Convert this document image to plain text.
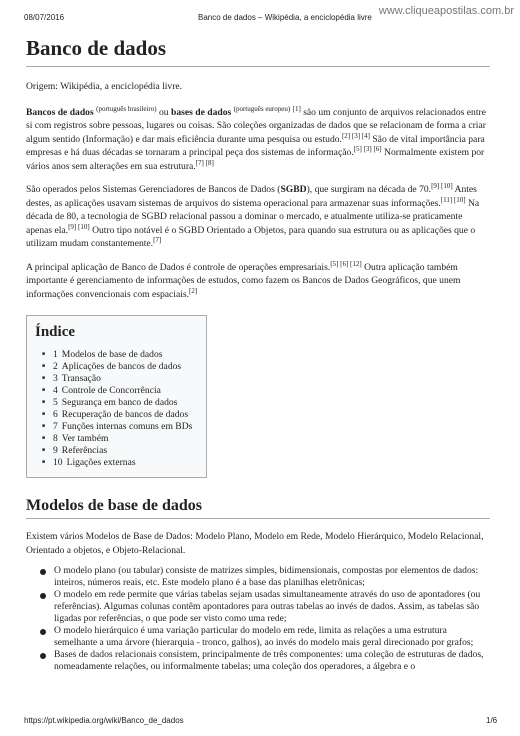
08/07/2016	Banco de dados – Wikipédia, a enciclopédia livre
www.cliqueapostilas.com.br
Banco de dados

Origem: Wikipédia, a enciclopédia livre.

Bancos de dados $^{(português brasileiro)}$ ou bases de dados $^{(português europeu)}$ [1] são um conjunto de arquivos relacionados entre si com registros sobre pessoas, lugares ou coisas. São coleções organizadas de dados que se relacionam de forma a criar algum sentido (Informação) e dar mais eficiência durante uma pesquisa ou estudo.[2] [3] [4] São de vital importância para empresas e há duas décadas se tornaram a principal peça dos sistemas de informação.[5] [3] [6] Normalmente existem por vários anos sem alterações em sua estrutura.[7] [8]

São operados pelos Sistemas Gerenciadores de Bancos de Dados (SGBD), que surgiram na década de 70.[9] [10] Antes destes, as aplicações usavam sistemas de arquivos do sistema operacional para armazenar suas informações.[11] [10] Na década de 80, a tecnologia de SGBD relacional passou a dominar o mercado, e atualmente utiliza-se praticamente apenas ela.[9] [10] Outro tipo notável é o SGBD Orientado a Objetos, para quando sua estrutura ou as aplicações que o utilizam mudam constantemente.[7]

A principal aplicação de Banco de Dados é controle de operações empresariais.[5] [6] [12] Outra aplicação também importante é gerenciamento de informações de estudos, como fazem os Bancos de Dados Geográficos, que unem informações convencionais com espaciais.[2]

Índice
■ 1 Modelos de base de dados
■ 2 Aplicações de bancos de dados
■ 3 Transação
■ 4 Controle de Concorrência
■ 5 Segurança em banco de dados
■ 6 Recuperação de bancos de dados
■ 7 Funções internas comuns em BDs
■ 8 Ver também
■ 9 Referências
■ 10 Ligações externas
Modelos de base de dados

Existem vários Modelos de Base de Dados: Modelo Plano, Modelo em Rede, Modelo Hierárquico, Modelo Relacional, Orientado a objetos, e Objeto-Relacional.

O modelo plano (ou tabular) consiste de matrizes simples, bidimensionais, compostas por elementos de dados: inteiros, números reais, etc. Este modelo plano é a base das planilhas eletrônicas;
O modelo em rede permite que várias tabelas sejam usadas simultaneamente através do uso de apontadores (ou referências). Algumas colunas contêm apontadores para outras tabelas ao invés de dados. Assim, as tabelas são ligadas por referências, o que pode ser visto como uma rede;
O modelo hierárquico é uma variação particular do modelo em rede, limita as relações a uma estrutura semelhante a uma árvore (hierarquia - tronco, galhos), ao invés do modelo mais geral direcionado por grafos;
Bases de dados relacionais consistem, principalmente de três componentes: uma coleção de estruturas de dados, nomeadamente relações, ou informalmente tabelas; uma coleção dos operadores, a álgebra e o
https://pt.wikipedia.org/wiki/Banco_de_dados	1/6
